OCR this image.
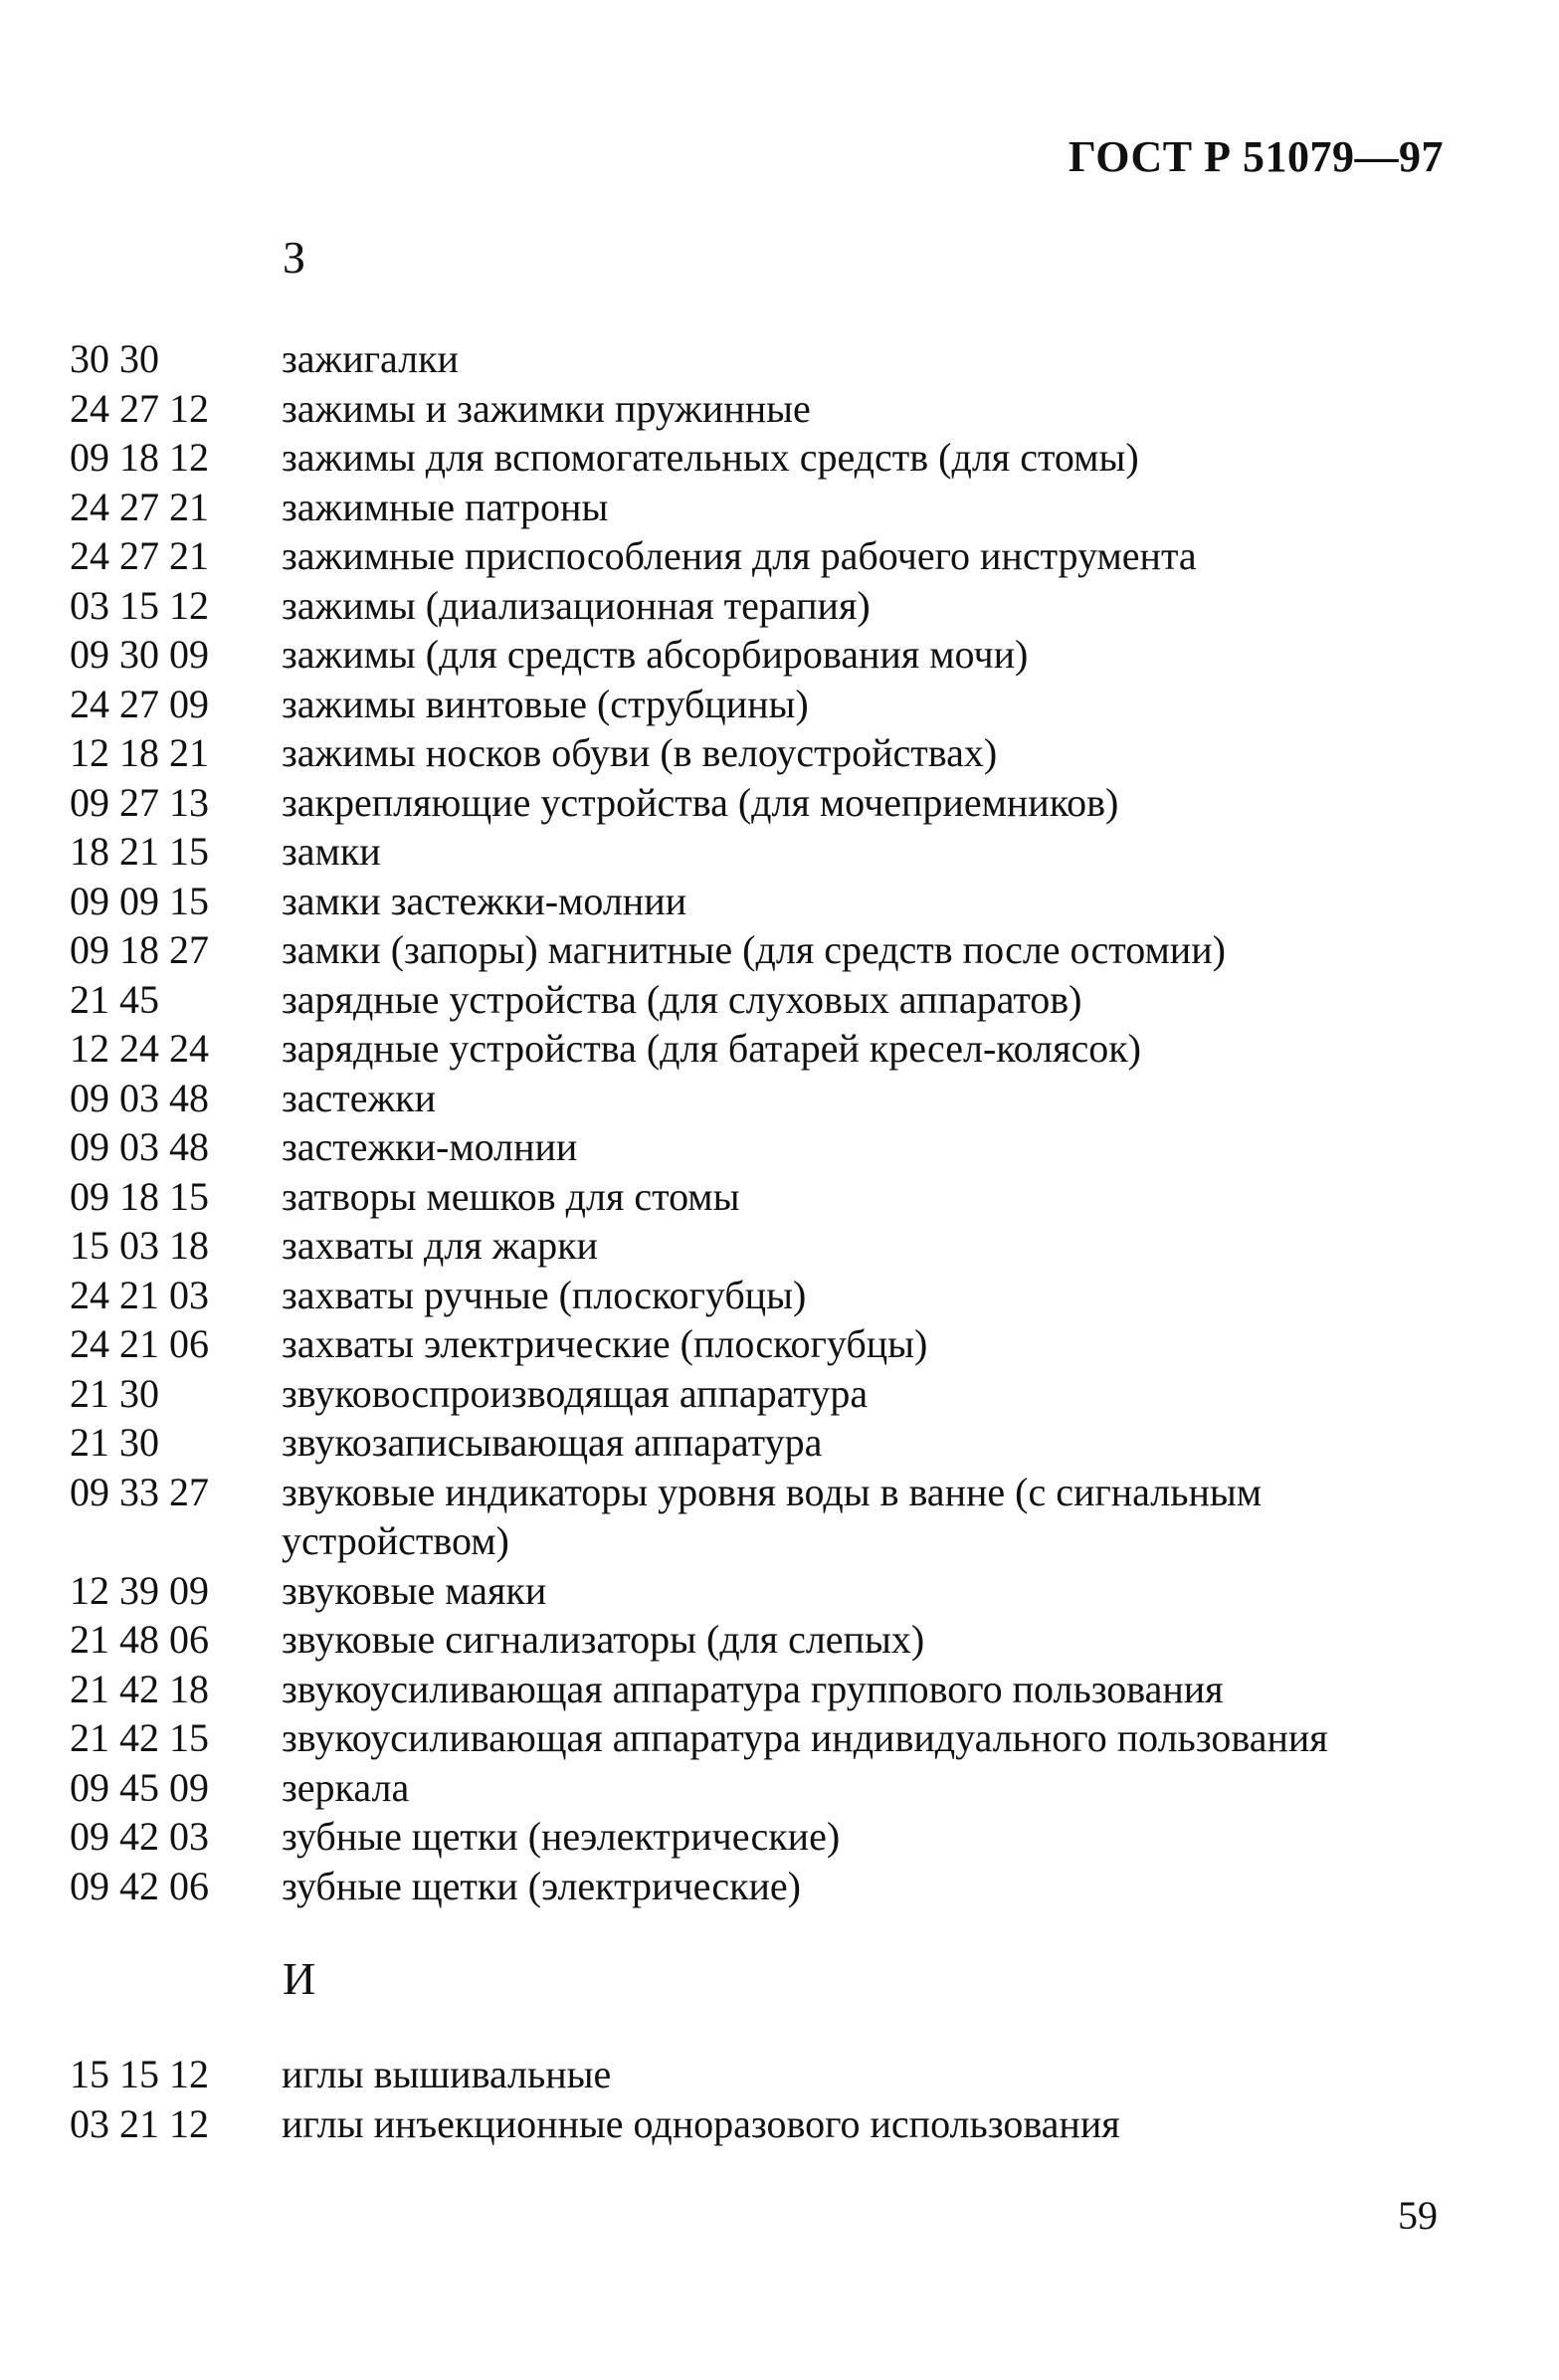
ГОСТ Р 51079—97
З
30 30	зажигалки
24 27 12	зажимы и зажимки пружинные
09 18 12	зажимы для вспомогательных средств (для стомы)
24 27 21	зажимные патроны
24 27 21	зажимные приспособления для рабочего инструмента
03 15 12	зажимы (диализационная терапия)
09 30 09	зажимы (для средств абсорбирования мочи)
24 27 09	зажимы винтовые (струбцины)
12 18 21	зажимы носков обуви (в велоустройствах)
09 27 13	закрепляющие устройства (для мочеприемников)
18 21 15	замки
09 09 15	замки застежки-молнии
09 18 27	замки (запоры) магнитные (для средств после остомии)
21 45	зарядные устройства (для слуховых аппаратов)
12 24 24	зарядные устройства (для батарей кресел-колясок)
09 03 48	застежки
09 03 48	застежки-молнии
09 18 15	затворы мешков для стомы
15 03 18	захваты для жарки
24 21 03	захваты ручные (плоскогубцы)
24 21 06	захваты электрические (плоскогубцы)
21 30	звуковоспроизводящая аппаратура
21 30	звукозаписывающая аппаратура
09 33 27	звуковые индикаторы уровня воды в ванне (с сигнальным устройством)
12 39 09	звуковые маяки
21 48 06	звуковые сигнализаторы (для слепых)
21 42 18	звукоусиливающая аппаратура группового пользования
21 42 15	звукоусиливающая аппаратура индивидуального пользования
09 45 09	зеркала
09 42 03	зубные щетки (неэлектрические)
09 42 06	зубные щетки (электрические)
И
15 15 12	иглы вышивальные
03 21 12	иглы инъекционные одноразового использования
59
